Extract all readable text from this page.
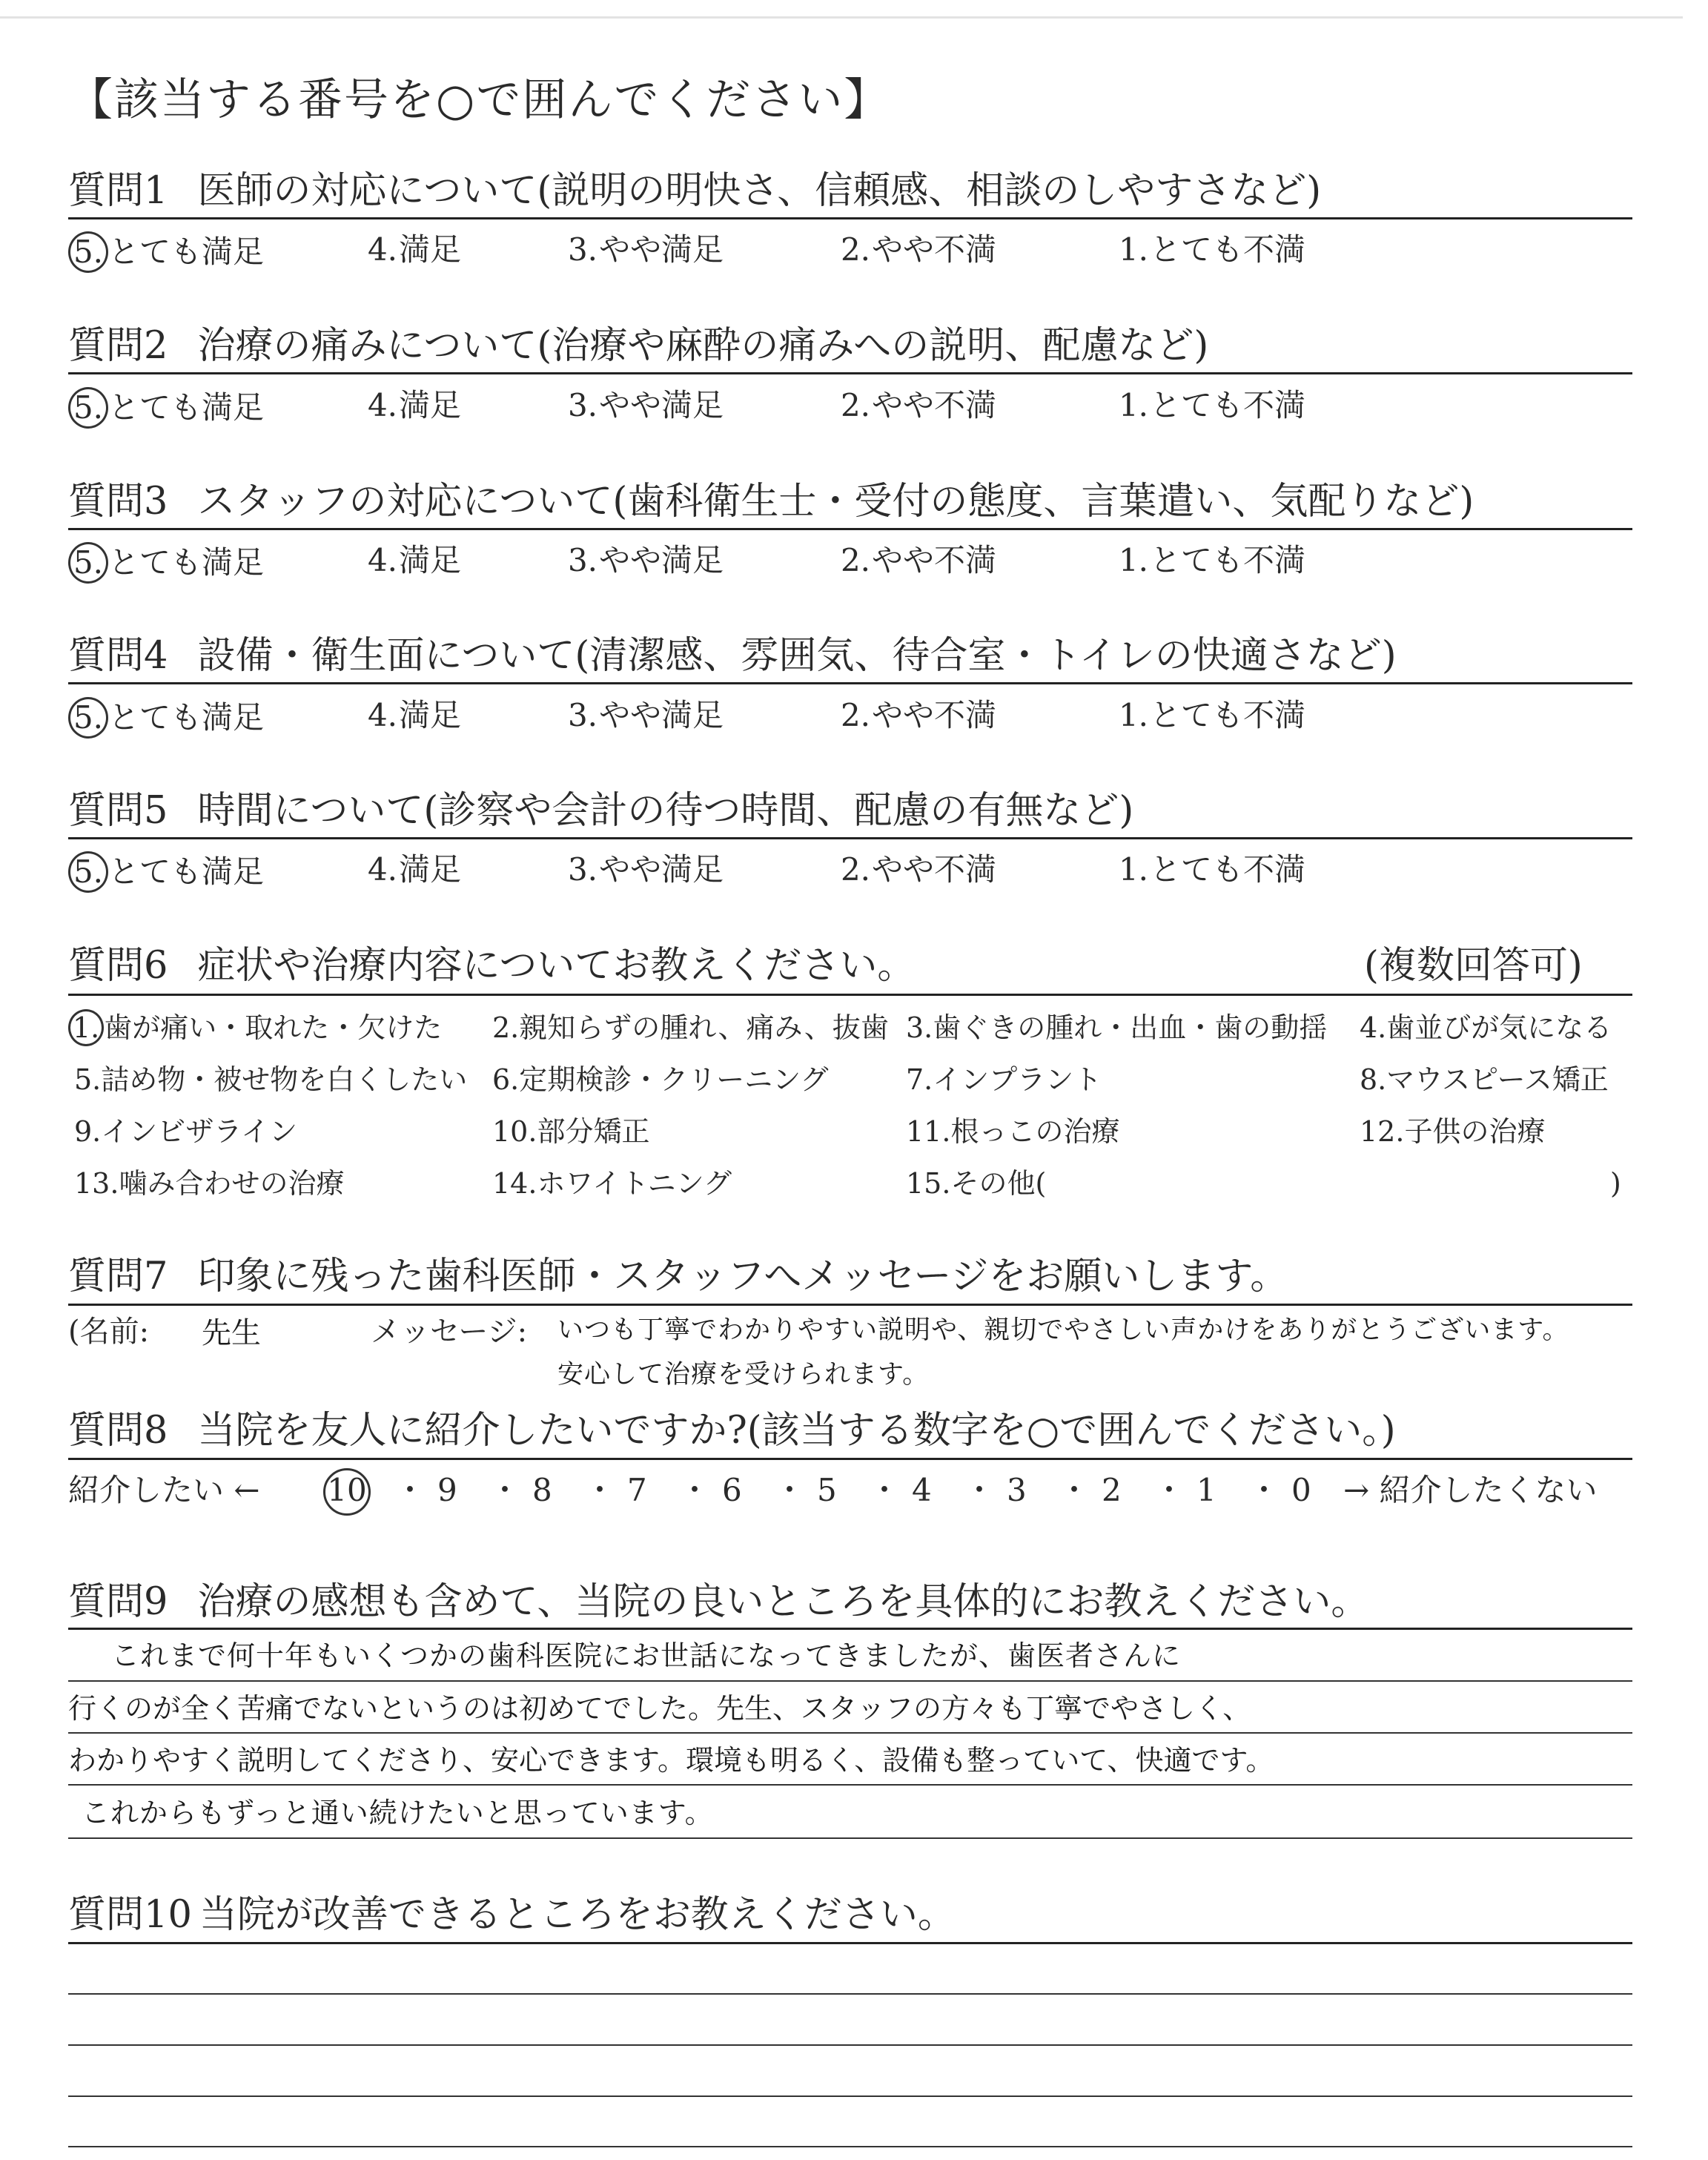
【該当する番号を○で囲んでください】
質問1 医師の対応について(説明の明快さ、信頼感、相談のしやすさなど)
5. とても満足	4.満足	3.やや満足	2.やや不満	1.とても不満
質問2 治療の痛みについて(治療や麻酔の痛みへの説明、配慮など)
5. とても満足	4.満足	3.やや満足	2.やや不満	1.とても不満
質問3 スタッフの対応について(歯科衛生士・受付の態度、言葉遣い、気配りなど)
5. とても満足	4.満足	3.やや満足	2.やや不満	1.とても不満
質問4 設備・衛生面について(清潔感、雰囲気、待合室・トイレの快適さなど)
5. とても満足	4.満足	3.やや満足	2.やや不満	1.とても不満
質問5 時間について(診察や会計の待つ時間、配慮の有無など)
5. とても満足	4.満足	3.やや満足	2.やや不満	1.とても不満
質問6 症状や治療内容についてお教えください。	(複数回答可)
1. 歯が痛い・取れた・欠けた 2.親知らずの腫れ、痛み、抜歯 3.歯ぐきの腫れ・出血・歯の動揺 4.歯並びが気になる
5.詰め物・被せ物を白くしたい 6.定期検診・クリーニング	7.インプラント	8.マウスピース矯正
9.インビザライン	10.部分矯正	11.根っこの治療	12.子供の治療
13.噛み合わせの治療	14.ホワイトニング	15.その他(	)
質問7 印象に残った歯科医師・スタッフへメッセージをお願いします。
(名前: 先生	メッセージ: いつも丁寧でわかりやすい説明や、親切でやさしい声かけをありがとうございます。
安心して治療を受けられます。
質問8 当院を友人に紹介したいですか?(該当する数字を○で囲んでください。)
紹介したい ← 10 ・ 9 ・ 8 ・ 7 ・ 6 ・ 5 ・ 4 ・ 3 ・ 2 ・ 1 ・ 0 → 紹介したくない
質問9 治療の感想も含めて、当院の良いところを具体的にお教えください。
これまで何十年もいくつかの歯科医院にお世話になってきましたが、歯医者さんに
行くのが全く苦痛でないというのは初めてでした。先生、スタッフの方々も丁寧でやさしく、
わかりやすく説明してくださり、安心できます。環境も明るく、設備も整っていて、快適です。
これからもずっと通い続けたいと思っています。
質問10 当院が改善できるところをお教えください。
